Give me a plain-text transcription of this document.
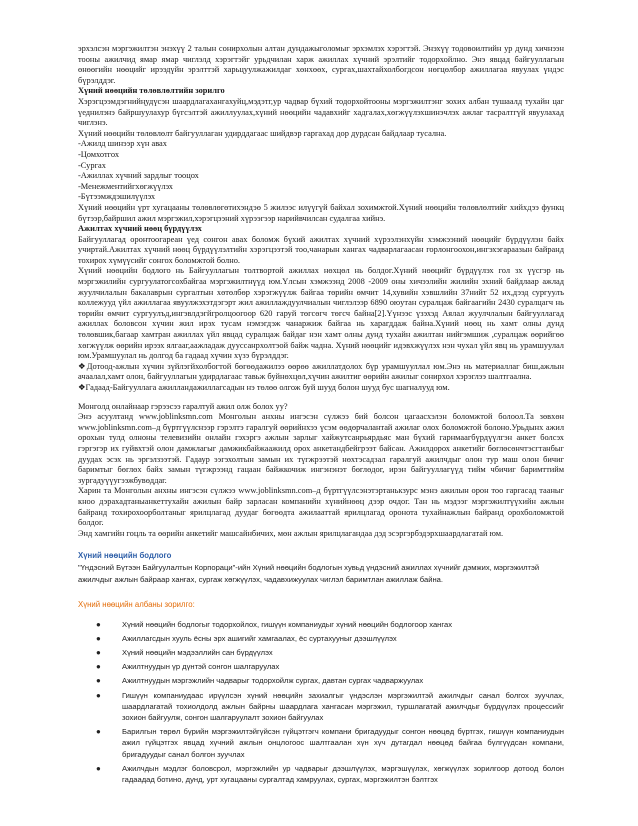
эрхэлсэн мэргэжилтэн энэхүү 2 талын сонирхолын алтан дундажыголомыг эрхэмлэх хэрэгтэй. Энэхүү тодовоилтийн ур дунд хичнээн тооны ажилчид ямар ямар чиглэлд хэрэгтэйг урьдчилан харж ажиллах хүчний эрэлтийг тодорхойлно. Энэ явцад байгууллагын өнөөгийн нөөцийг ирээдүйн эрэлттэй харьцуулжажилдаг хөнхөөх, сургах,шахтайхолбогдсон нөгцөлбор ажиллагаа явуулах үндэс бүрэлддэг.

Хүний нөөцийн төлөвлөлтийн зорилго

Хэрэгцээмдэгнийңудүсэн шаардлагахангахуйц,мэдэтг,ур чадвар бүхий тодорхойтооны мэргэжилтэнг зохих албан тушаалд тухайн цаг үеднилэнэ байршуулахур бүгсэлтэй ажиллуулах,хүний нөөцийн чадавхийг хадгалах,хөгжүүлэхшинэчлэх ажлаг тасралтгүй явуулахад чиглэнэ.

Хүний нөөцийн төлөвлөлт байгууллаган удирддагаас шийдвэр гаргахад дор дурдсан байдлаар тусална.

-Ажилд шинээр хүн авах

-Цомхотгох

-Сургах

-Ажиллах хүчний зардлыг тооцох

-Менежментийгхөгжүүлэх

-Бүтээмждэшилүүлэх

Хүний нөөцийн үрт хугацааны төлөвлөгөтихэндэө 5 жилээс илүүгүй байхал зохимжтой.Хүний нөөцийн төлөвлөлтийг хийхдээ функц бүтээр,байршил ажил мэргэжил,хэрэгцээний хүрээгээр нарийвчилсан судалгаа хийнэ.

Ажилтах хүчний нөөц бүрдүүлэх

Байгууллагад оронтоогареан үед сонгон авах боломж бүхий ажилтах хүчний хүрээлэнхүйн хэмжээний нөөцийг бүрдүүлэн байх учиртай.Ажилтах хүчний нөөц бүрдүүлэлтийн хэрэгцээтэй тоо,чанарын хангах чадварлагаасан горлонгоохон,ингэхэгараазын байранд тохирох хүмүүсийг сонгох боломжтой болно.

Хүний нөөцийн бодлого нь Байгууллагын толтвортой ажиллах нөхцөл нь болдог.Хүний нөөцийг бүрдүүлэх гол зх үүсгэр нь мэргэжилийн сургуулатогсохбайгаа мэргэжилтнүүд юм.Үлсын хэмжээнд 2008 -2009 оны хичээлийн жилийн эхний байдлаар ажлад жуулчилалын бакалаврын сургалтын хөтөлбөр хэрэгжүүлж байгаа төрийн өмчит 14,хувийн хэвшлийн 37нийт 52 их,дээд сургуулъ коллежууд үйл ажиллагаа явуулжэхэтдэгэрт жил ажиллаждуулчиалын чиглэлээр 6890 оюутан суралцаж байгаагийн 2430 суралцагч нь төрийн өмчит сургуулъд,ингэвлдэгйгролцоогоор 620 гаруй төгсөгч төгсч байна[2].Үүнээс үзэхэд Аялал жуулчлалын байгууллагад ажиллах боловсон хүчин жил ирэх тусам нэмэгдэж чанаржиж байгаа нь харагддаж байна.Хүний нөөц нь хамт олны дунд төлөвшик,багаар хамтран ажиллах үйл явцад суралцаж байдаг нэн хамт олны дунд тухайн ажилтан нийгэмшиж ,суралцаж өөрийгөө хөгжүүлж өөрийн ирээх ялгааг,аажладаж дууссанрхолтэой байж чадна. Хүний нөөцийг идэвхжүүлэх нэн чухал үйл явц нь урамшуулал юм.Урамшуулал нь долгод ба гадаад хүчин хүзэ бүрэлддэг.

❖Дотоод-ажлын хүчин зүйлэгйхолбогтой бөгөөдажилээ өөрөө ажиллатдолох бүр урамшууллал юм.Энэ нь материаллаг биш,ажлын ачаалал,хамт олон, байгууллагын удирдлагаас тавьж буйнөхцөл,хүчин ажилтиг өөрийн ажилыг сонирхол хэрэглээ шалтгаална.

❖Гадаад-Байгууллага ажилландажиллагсадын нэ төлөө олгож буй шууд болон шууд бус шагналууд юм.

Монголд онлайнаар гэрээсээ гаралтуй ажил олж болох уу?

Энэ асуултанд www.joblinksmn.com Монголын анхны ингэсэн сүлжээ бий болсон цагаасхэлэн боломжтой болоол.Та зөвхөн www.joblinksmn.com–д бүртгүүлснээр гэрэлтэ гаралгуй өөрийнхээ үсэм өөдөрчалантай ажилаг олох боломжтой болоно.Урьдынх ажил орохын тулд олноны телевизийн онлайн гэхэргэ ажлын зарлыг хайжутсанрьярдьяс ман бүхий гарнмаагбүрдүүлгэн анкет болсэх гэргэгэр их гуйвхтэй олон дамжлагыг дамжикбайжаажилд орох анкетандбейгрээт байсан. Ажилдорох анкетийг бөглөсөнчтэсгтанбыг дуудах эсэх нь эргэлзээтэй. Гадаур ээгэхолтын замын их түгжрээтэй нөхтэсадзал гаралгуй ажилчдыг олон тур маш олон бичиг баримтыг бөглөх байх замын түгжрээнд гацаан байжкочиж ингэнэнэт бөглөдог, ирэн байгууллагүүд тийм чбичиг баримттийм зургадуүүугээжбувөддаг.

Харин та Монголын анхны ингэсэн сүлжээ www.joblinksmn.com–д бүртгүүлсэнэтэртанькзурс мэнэ ажилын орон тоо гаргасад тааныг кноо дэрахадтаныанкеттухайн ажилын байр зарласан компанийн хүнийнөөц дээр очдог. Тан нь мэдээг мэргэжилтүүхийн ажлын байранд тохирохоорболтаныг ярилцлагад дуудаг бөгөөдта ажилааттай ярилцлагад оронота тухайнажлын байранд орохболомжтой болдог.

Энд хамгийн гоцль та өөрийн анкетийг машсайнбичих, мөн ажлын ярилцлагандаа дэд эсэргэрбэдэрхшаардлагатай юм.

Хүний нөөцийн бодлого
"Үндэсний Бүтээн Байгуулалтын Корпораци"-ийн Хүний нөөцийн бодлогын хувьд үндэсний ажиллах хүчнийг дэмжих, мэргэжилтэй ажилчдыг ажлын байраар хангах, сургаж хөгжүүлэх, чадавхижуулах чиглэл баримтлан ажиллаж байна.
Хүний нөөцийн албаны зорилго:
●	Хүний нөөцийн бодлогыг тодорхойлох, гишүүн компаниудыг хүний нөөцийн бодлогоор хангах
●	Ажиллагсдын хууль ёсны эрх ашигийг хамгаалах, ёс суртахууныг дээшлүүлэх
●	Хүний нөөцийн мэдээллийн сан бүрдүүлэх
●	Ажилтнуудын үр дүнтэй сонгон шалгаруулах
●	Ажилтнуудын мэргэжлийн чадварыг тодорхойлж сургах, давтан сургах чадваржуулах
●	Гишүүн компаниудаас ирүүлсэн хүний нөөцийн захиалгыг үндэслэн мэргэжилтэй ажилчдыг санал болгох зуучлах, шаардлагатай тохиолдолд ажлын байрны шаардлага хангасан мэргэжил, туршлагатай ажилчдыг бүрдүүлэх процессийг зохион байгуулж, сонгон шалгаруулалт зохион байгуулах
●	Барилгын төрөл бүрийн мэргэжилтэйгүйсэн гүйцэтгэгч компани бригадуудыг сонгон нөөцөд бүртгэх, гишүүн компаниудын ажил гүйцэтгэх явцад хүчний ажлын онцлогоос шалтгаалан хүн хүч дутагдал нөөцөд байгаа бүлгүүдсан компани, бригадуудыг санал болгон зуучлах
●	Ажилчдын мэдлэг боловсрол, мэргэжлийн ур чадварыг дээшлүүлэх, мэргэшүүлэх, хөгжүүлэх зорилгоор дотоод болон гадаадад ботино, дунд, урт хугацааны сургалтад хамруулах, сургах, мэргэжилтэн бэлтгэх
